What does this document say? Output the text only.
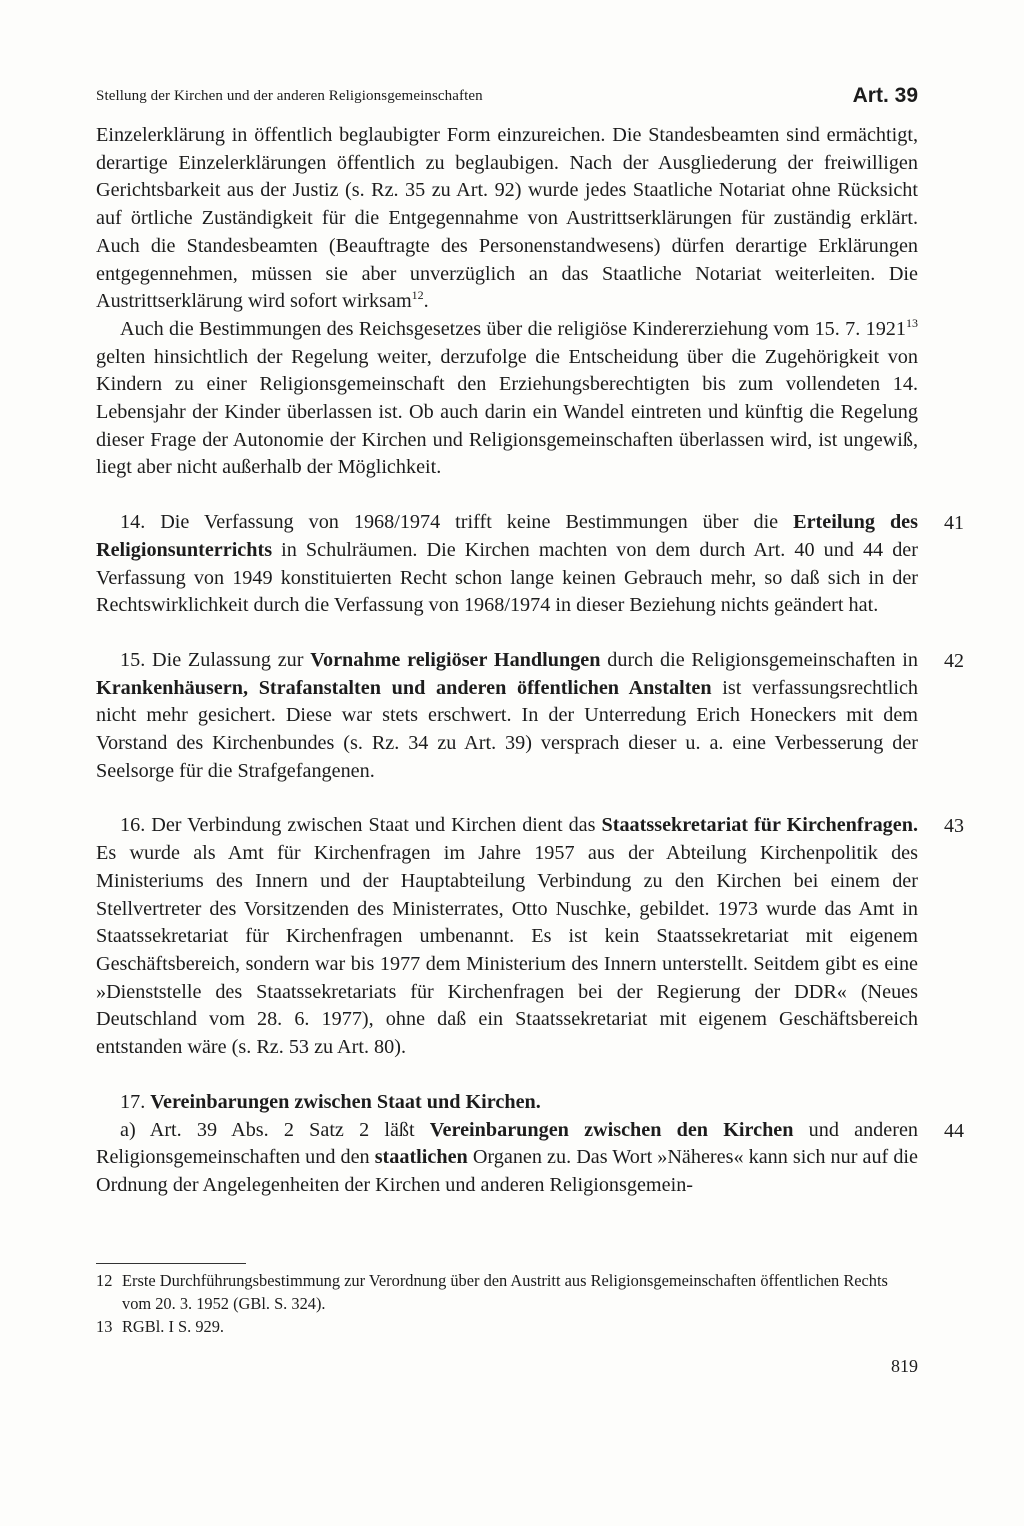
Stellung der Kirchen und der anderen Religionsgemeinschaften	Art. 39

Einzelerklärung in öffentlich beglaubigter Form einzureichen. Die Standesbeamten sind ermächtigt, derartige Einzelerklärungen öffentlich zu beglaubigen. Nach der Ausgliederung der freiwilligen Gerichtsbarkeit aus der Justiz (s. Rz. 35 zu Art. 92) wurde jedes Staatliche Notariat ohne Rücksicht auf örtliche Zuständigkeit für die Entgegennahme von Austrittserklärungen für zuständig erklärt. Auch die Standesbeamten (Beauftragte des Personenstandwesens) dürfen derartige Erklärungen entgegennehmen, müssen sie aber unverzüglich an das Staatliche Notariat weiterleiten. Die Austrittserklärung wird sofort wirksam$^{12}$.

Auch die Bestimmungen des Reichsgesetzes über die religiöse Kindererziehung vom 15. 7. 1921$^{13}$ gelten hinsichtlich der Regelung weiter, derzufolge die Entscheidung über die Zugehörigkeit von Kindern zu einer Religionsgemeinschaft den Erziehungsberechtigten bis zum vollendeten 14. Lebensjahr der Kinder überlassen ist. Ob auch darin ein Wandel eintreten und künftig die Regelung dieser Frage der Autonomie der Kirchen und Religionsgemeinschaften überlassen wird, ist ungewiß, liegt aber nicht außerhalb der Möglichkeit.

41

14. Die Verfassung von 1968/1974 trifft keine Bestimmungen über die Erteilung des Religionsunterrichts in Schulräumen. Die Kirchen machten von dem durch Art. 40 und 44 der Verfassung von 1949 konstituierten Recht schon lange keinen Gebrauch mehr, so daß sich in der Rechtswirklichkeit durch die Verfassung von 1968/1974 in dieser Beziehung nichts geändert hat.

42

15. Die Zulassung zur Vornahme religiöser Handlungen durch die Religionsgemeinschaften in Krankenhäusern, Strafanstalten und anderen öffentlichen Anstalten ist verfassungsrechtlich nicht mehr gesichert. Diese war stets erschwert. In der Unterredung Erich Honeckers mit dem Vorstand des Kirchenbundes (s. Rz. 34 zu Art. 39) versprach dieser u. a. eine Verbesserung der Seelsorge für die Strafgefangenen.

43

16. Der Verbindung zwischen Staat und Kirchen dient das Staatssekretariat für Kirchenfragen. Es wurde als Amt für Kirchenfragen im Jahre 1957 aus der Abteilung Kirchenpolitik des Ministeriums des Innern und der Hauptabteilung Verbindung zu den Kirchen bei einem der Stellvertreter des Vorsitzenden des Ministerrates, Otto Nuschke, gebildet. 1973 wurde das Amt in Staatssekretariat für Kirchenfragen umbenannt. Es ist kein Staatssekretariat mit eigenem Geschäftsbereich, sondern war bis 1977 dem Ministerium des Innern unterstellt. Seitdem gibt es eine »Dienststelle des Staatssekretariats für Kirchenfragen bei der Regierung der DDR« (Neues Deutschland vom 28. 6. 1977), ohne daß ein Staatssekretariat mit eigenem Geschäftsbereich entstanden wäre (s. Rz. 53 zu Art. 80).

17. Vereinbarungen zwischen Staat und Kirchen.

44

a) Art. 39 Abs. 2 Satz 2 läßt Vereinbarungen zwischen den Kirchen und anderen Religionsgemeinschaften und den staatlichen Organen zu. Das Wort »Näheres« kann sich nur auf die Ordnung der Angelegenheiten der Kirchen und anderen Religionsgemein-

12 Erste Durchführungsbestimmung zur Verordnung über den Austritt aus Religionsgemeinschaften öffentlichen Rechts vom 20. 3. 1952 (GBl. S. 324).
13 RGBl. I S. 929.
819
